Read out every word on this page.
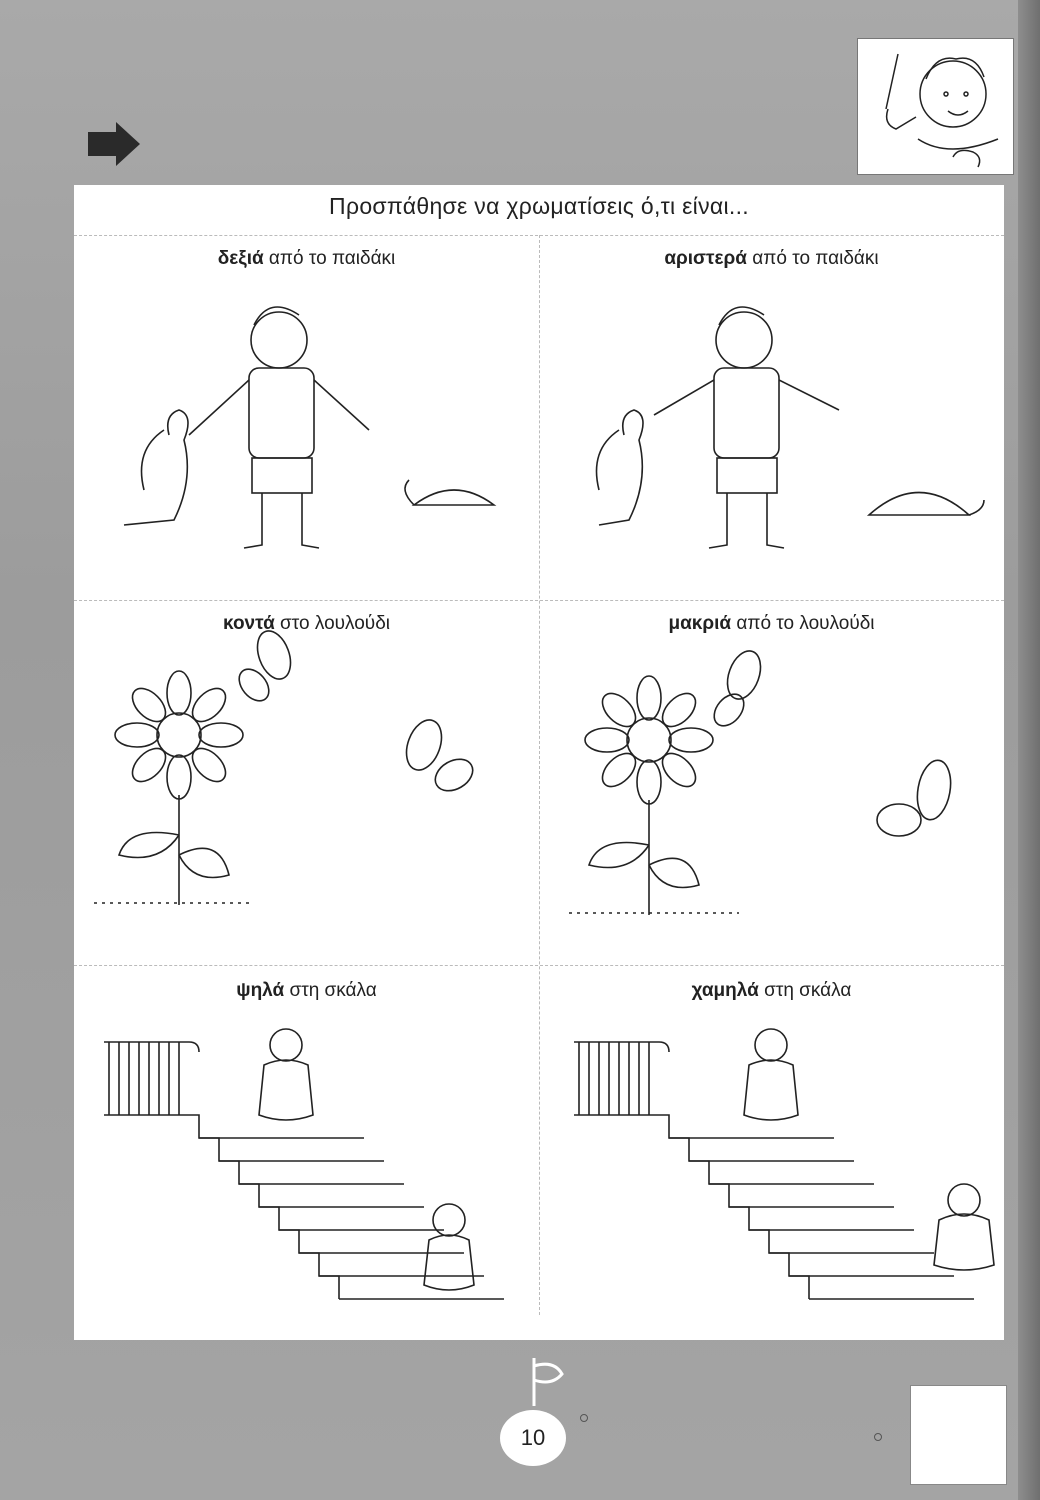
Προσπάθησε να χρωματίσεις ό,τι είναι...
δεξιά από το παιδάκι	αριστερά από το παιδάκι
κοντά στο λουλούδι	μακριά από το λουλούδι
ψηλά στη σκάλα	χαμηλά στη σκάλα
10
